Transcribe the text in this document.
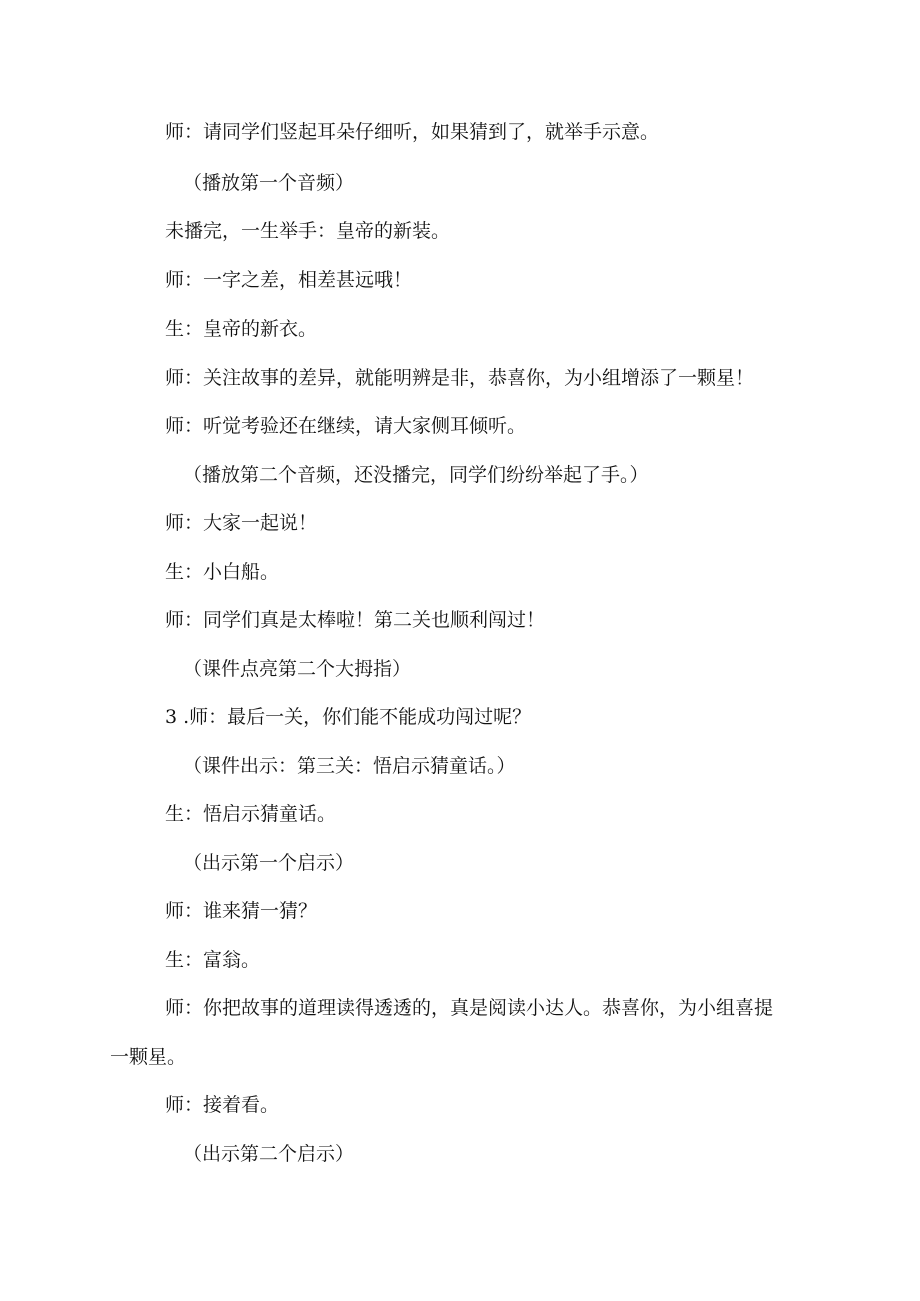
师：请同学们竖起耳朵仔细听，如果猜到了，就举手示意。

（播放第一个音频）

未播完，一生举手：皇帝的新装。

师：一字之差，相差甚远哦！

生：皇帝的新衣。

师：关注故事的差异，就能明辨是非，恭喜你，为小组增添了一颗星！

师：听觉考验还在继续，请大家侧耳倾听。

（播放第二个音频，还没播完，同学们纷纷举起了手。）

师：大家一起说！

生：小白船。

师：同学们真是太棒啦！第二关也顺利闯过！

（课件点亮第二个大拇指）

3 .师：最后一关，你们能不能成功闯过呢？

（课件出示：第三关：悟启示猜童话。）

生：悟启示猜童话。

（出示第一个启示）

师：谁来猜一猜？

生：富翁。

师：你把故事的道理读得透透的，真是阅读小达人。恭喜你，为小组喜提

一颗星。

师：接着看。

（出示第二个启示）
